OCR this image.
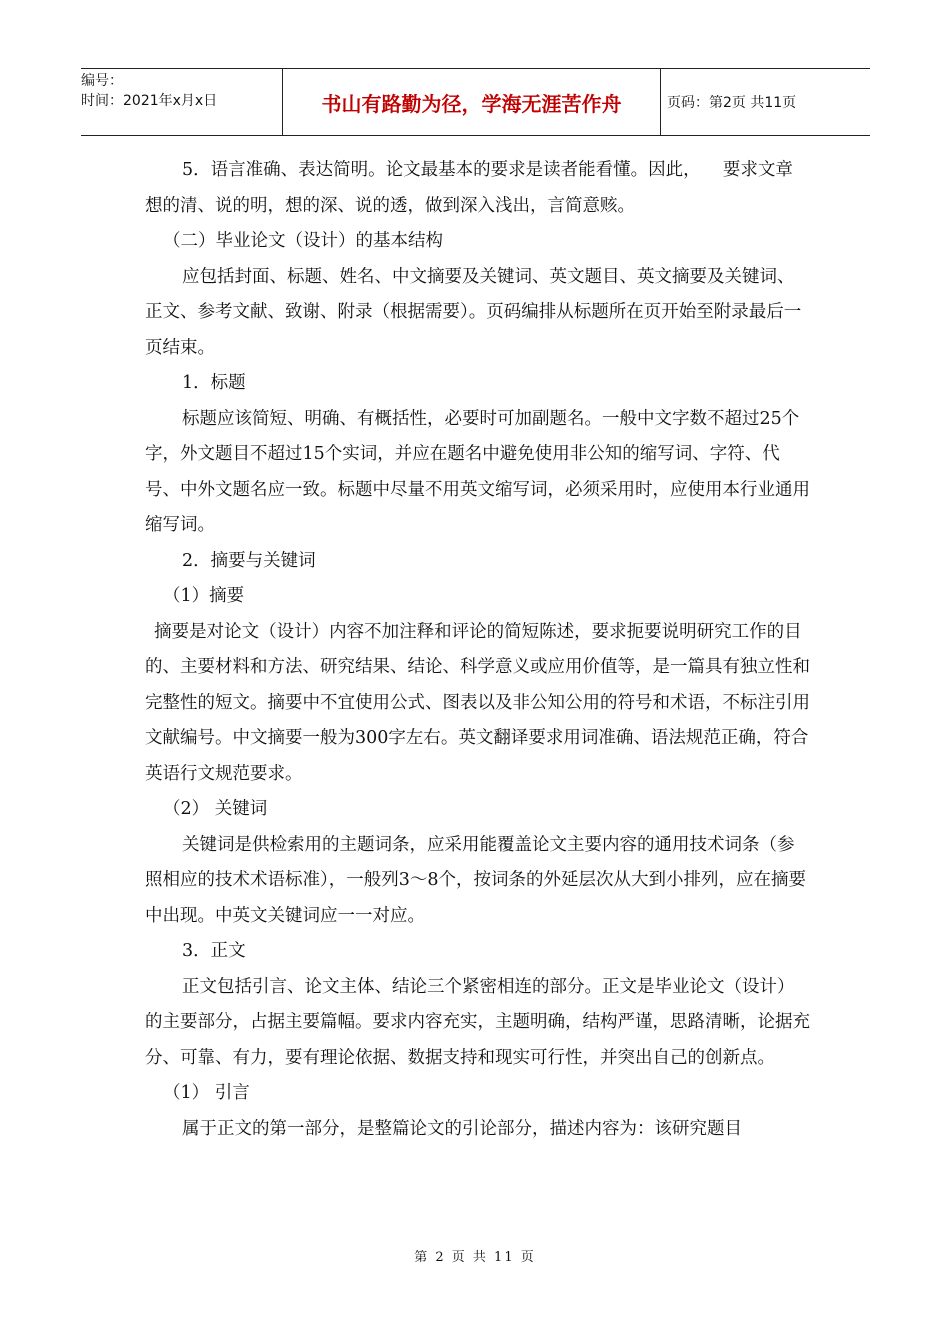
编号：
时间：2021年x月x日	书山有路勤为径，学海无涯苦作舟	页码：第2页 共11页

5．语言准确、表达简明。论文最基本的要求是读者能看懂。因此，    要求文章想的清、说的明，想的深、说的透，做到深入浅出，言简意赅。

（二）毕业论文（设计）的基本结构

应包括封面、标题、姓名、中文摘要及关键词、英文题目、英文摘要及关键词、正文、参考文献、致谢、附录（根据需要）。页码编排从标题所在页开始至附录最后一页结束。

1．标题

标题应该简短、明确、有概括性，必要时可加副题名。一般中文字数不超过25个字，外文题目不超过15个实词，并应在题名中避免使用非公知的缩写词、字符、代号、中外文题名应一致。标题中尽量不用英文缩写词，必须采用时，应使用本行业通用缩写词。

2．摘要与关键词

（1）摘要

摘要是对论文（设计）内容不加注释和评论的简短陈述，要求扼要说明研究工作的目的、主要材料和方法、研究结果、结论、科学意义或应用价值等，是一篇具有独立性和完整性的短文。摘要中不宜使用公式、图表以及非公知公用的符号和术语，不标注引用文献编号。中文摘要一般为300字左右。英文翻译要求用词准确、语法规范正确，符合英语行文规范要求。

（2） 关键词

关键词是供检索用的主题词条，应采用能覆盖论文主要内容的通用技术词条（参照相应的技术术语标准），一般列3～8个，按词条的外延层次从大到小排列，应在摘要中出现。中英文关键词应一一对应。

3．正文

正文包括引言、论文主体、结论三个紧密相连的部分。正文是毕业论文（设计）的主要部分，占据主要篇幅。要求内容充实，主题明确，结构严谨，思路清晰，论据充分、可靠、有力，要有理论依据、数据支持和现实可行性，并突出自己的创新点。

（1） 引言

属于正文的第一部分，是整篇论文的引论部分，描述内容为：该研究题目

第 2 页 共 11 页
